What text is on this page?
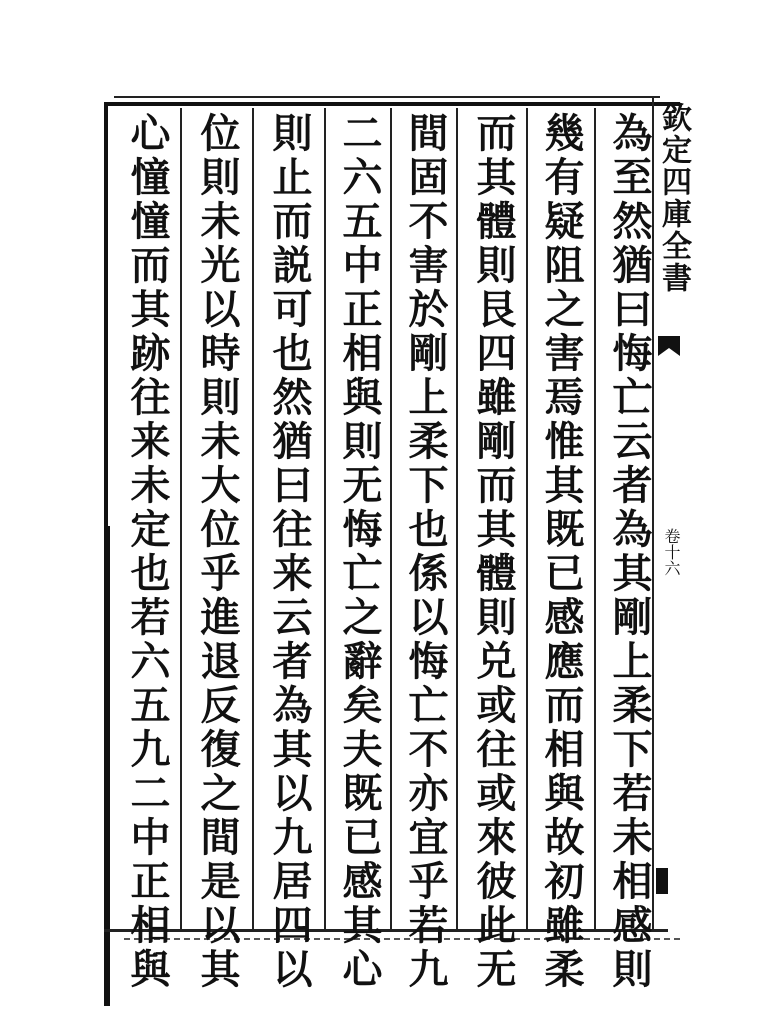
為至然猶曰悔亡云者為其剛上柔下若未相感則
幾有疑阻之害焉惟其既已感應而相與故初雖柔
而其體則艮四雖剛而其體則兑或往或來彼此无
間固不害於剛上柔下也係以悔亡不亦宜乎若九
二六五中正相與則无悔亡之辭矣夫既已感其心
則止而説可也然猶曰往来云者為其以九居四以
位則未光以時則未大位乎進退反復之間是以其
心憧憧而其跡往来未定也若六五九二中正相與	欽定四庫全書
卷十六
